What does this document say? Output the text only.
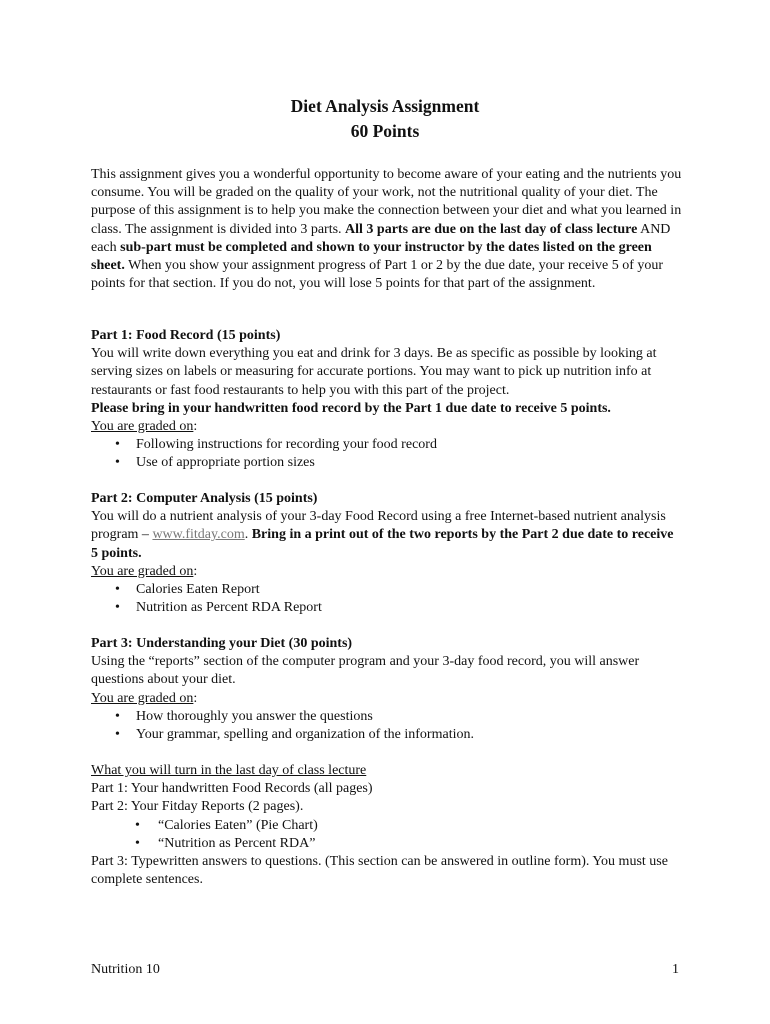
Diet Analysis Assignment
60 Points

This assignment gives you a wonderful opportunity to become aware of your eating and the nutrients you consume. You will be graded on the quality of your work, not the nutritional quality of your diet. The purpose of this assignment is to help you make the connection between your diet and what you learned in class. The assignment is divided into 3 parts. All 3 parts are due on the last day of class lecture AND each sub-part must be completed and shown to your instructor by the dates listed on the green sheet. When you show your assignment progress of Part 1 or 2 by the due date, your receive 5 of your points for that section. If you do not, you will lose 5 points for that part of the assignment.

Part 1: Food Record (15 points)

You will write down everything you eat and drink for 3 days. Be as specific as possible by looking at serving sizes on labels or measuring for accurate portions. You may want to pick up nutrition info at restaurants or fast food restaurants to help you with this part of the project.

Please bring in your handwritten food record by the Part 1 due date to receive 5 points.

You are graded on:

• Following instructions for recording your food record
• Use of appropriate portion sizes

Part 2: Computer Analysis (15 points)

You will do a nutrient analysis of your 3-day Food Record using a free Internet-based nutrient analysis program – www.fitday.com. Bring in a print out of the two reports by the Part 2 due date to receive 5 points.

You are graded on:

• Calories Eaten Report
• Nutrition as Percent RDA Report

Part 3: Understanding your Diet (30 points)

Using the “reports” section of the computer program and your 3-day food record, you will answer questions about your diet.

You are graded on:

• How thoroughly you answer the questions
• Your grammar, spelling and organization of the information.

What you will turn in the last day of class lecture

Part 1: Your handwritten Food Records (all pages)

Part 2: Your Fitday Reports (2 pages).

• “Calories Eaten” (Pie Chart)
• “Nutrition as Percent RDA”

Part 3: Typewritten answers to questions. (This section can be answered in outline form). You must use complete sentences.

Nutrition 10	1
